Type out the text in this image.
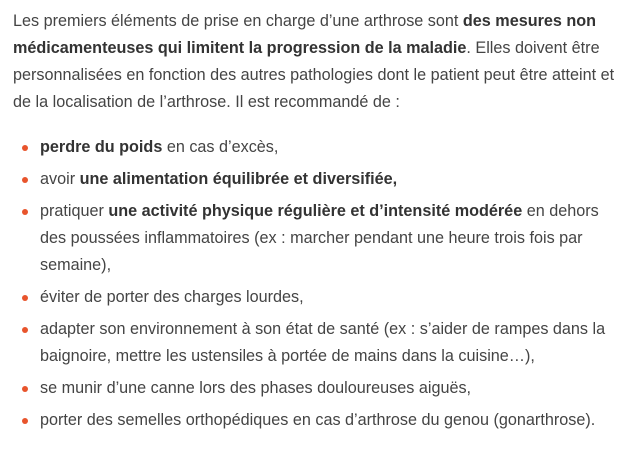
Les premiers éléments de prise en charge d’une arthrose sont des mesures non médicamenteuses qui limitent la progression de la maladie. Elles doivent être personnalisées en fonction des autres pathologies dont le patient peut être atteint et de la localisation de l’arthrose. Il est recommandé de :

perdre du poids en cas d’excès,
avoir une alimentation équilibrée et diversifiée,
pratiquer une activité physique régulière et d’intensité modérée en dehors des poussées inflammatoires (ex : marcher pendant une heure trois fois par semaine),
éviter de porter des charges lourdes,
adapter son environnement à son état de santé (ex : s’aider de rampes dans la baignoire, mettre les ustensiles à portée de mains dans la cuisine…),
se munir d’une canne lors des phases douloureuses aiguës,
porter des semelles orthopédiques en cas d’arthrose du genou (gonarthrose).
